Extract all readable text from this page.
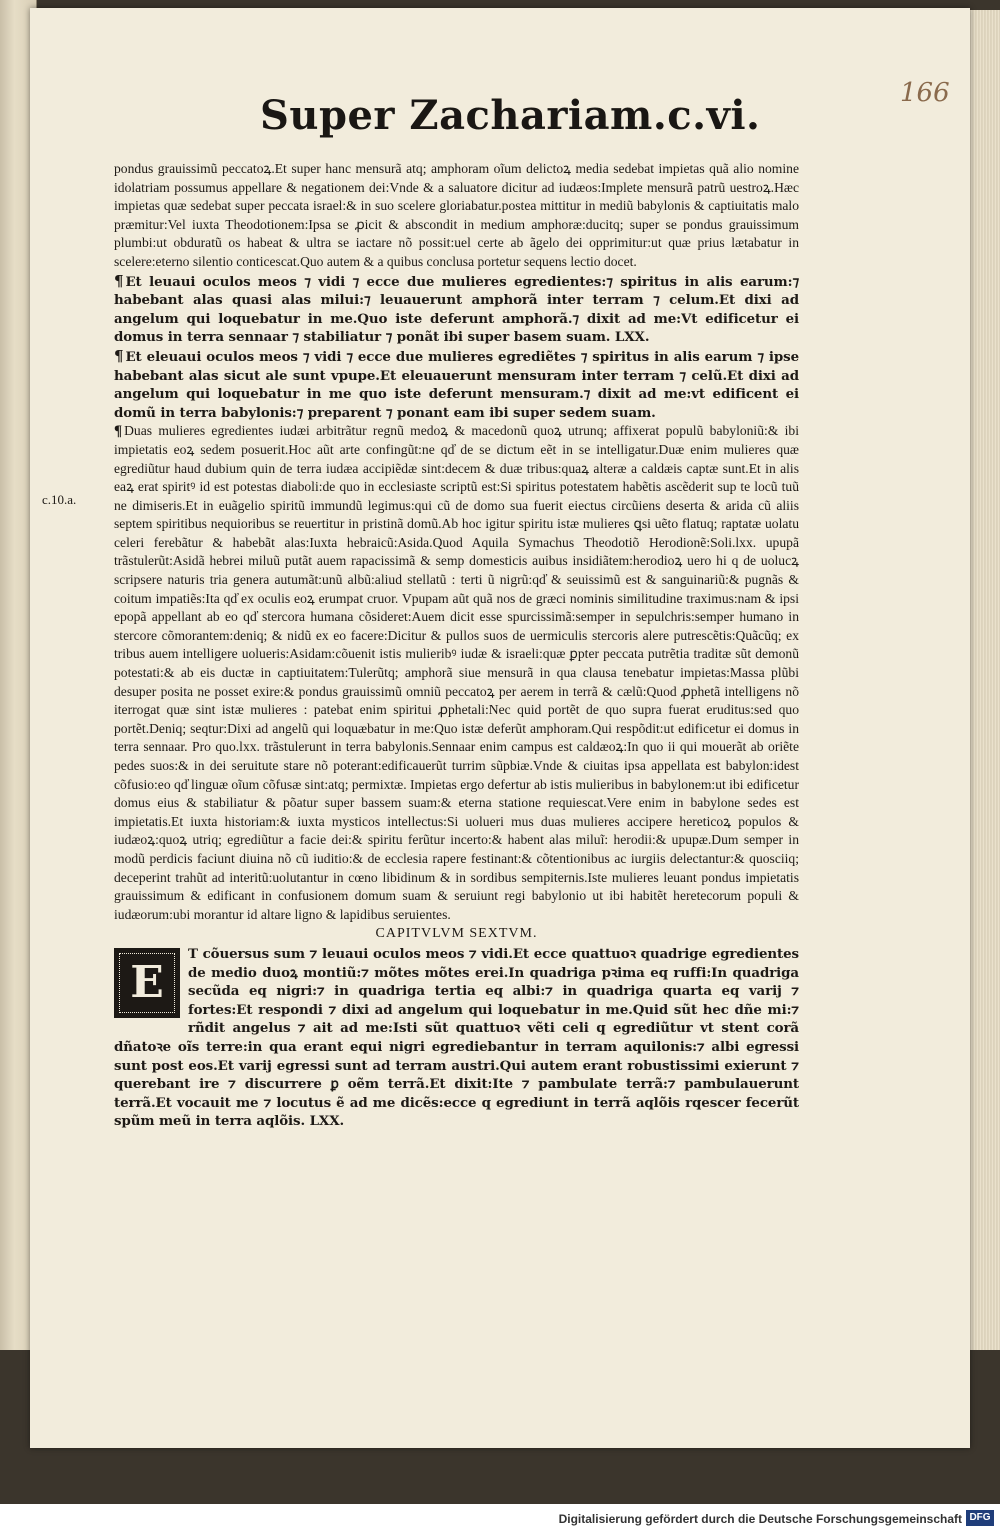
166
Super Zachariam.c.vi.

pondus grauissimũ peccatoꝝ.Et super hanc mensurã atq; amphoram oĩum delictoꝝ media sedebat impietas quã alio nomine idolatriam possumus appellare & negationem dei:Vnde & a saluatore dicitur ad iudæos:Implete mensurã patrũ uestroꝝ.Hæc impietas quæ sedebat super peccata israel:& in suo scelere gloriabatur.postea mittitur in mediũ babylonis & captiuitatis malo præmitur:Vel iuxta Theodotionem:Ipsa se ꝓicit & abscondit in medium amphoræ:ducitq; super se pondus grauissimum plumbi:ut obduratũ os habeat & ultra se iactare nõ possit:uel certe ab ãgelo dei opprimitur:ut quæ prius lætabatur in scelere:eterno silentio conticescat.Quo autem & a quibus conclusa portetur sequens lectio docet.

¶ Et leuaui oculos meos ⁊ vidi ⁊ ecce due mulieres egredientes:⁊ spiritus in alis earum:⁊ habebant alas quasi alas milui:⁊ leuauerunt amphorã inter terram ⁊ celum.Et dixi ad angelum qui loquebatur in me.Quo iste deferunt amphorã.⁊ dixit ad me:Vt edificetur ei domus in terra sennaar ⁊ stabiliatur ⁊ ponãt ibi super basem suam. LXX.

¶ Et eleuaui oculos meos ⁊ vidi ⁊ ecce due mulieres egrediẽtes ⁊ spiritus in alis earum ⁊ ipse habebant alas sicut ale sunt vpupe.Et eleuauerunt mensuram inter terram ⁊ celũ.Et dixi ad angelum qui loquebatur in me quo iste deferunt mensuram.⁊ dixit ad me:vt edificent ei domũ in terra babylonis:⁊ preparent ⁊ ponant eam ibi super sedem suam.

¶ Duas mulieres egredientes iudæi arbitrãtur regnũ medoꝝ & macedonũ quoꝝ utrunq; affixerat populũ babyloniũ:& ibi impietatis eoꝝ sedem posuerit.Hoc aũt arte confingũt:ne qd̕ de se dictum eẽt in se intelligatur.Duæ enim mulieres quæ egrediũtur haud dubium quin de terra iudæa accipiẽdæ sint:decem & duæ tribus:quaꝝ alteræ a caldæis captæ sunt.Et in alis eaꝝ erat spiritꝰ id est potestas diaboli:de quo in ecclesiaste scriptũ est:Si spiritus potestatem habẽtis ascẽderit sup te locũ tuũ ne dimiseris.Et in euãgelio spiritũ immundũ legimus:qui cũ de domo sua fuerit eiectus circũiens deserta & arida cũ aliis septem spiritibus nequioribus se reuertitur in pristinã domũ.Ab hoc igitur spiritu istæ mulieres ꝗsi uẽto flatuq; raptatæ uolatu celeri ferebãtur & habebãt alas:Iuxta hebraicũ:Asida.Quod Aquila Symachus Theodotiõ Herodionẽ:Soli.lxx. upupã trãstulerũt:Asidã hebrei miluũ putãt auem rapacissimã & semp domesticis auibus insidiãtem:herodioꝝ uero hi q de uolucꝝ scripsere naturis tria genera autumãt:unũ albũ:aliud stellatũ : terti ũ nigrũ:qd̕ & seuissimũ est & sanguinariũ:& pugnãs & coitum impatiẽs:Ita qd̕ ex oculis eoꝝ erumpat cruor. Vpupam aũt quã nos de græci nominis similitudine traximus:nam & ipsi epopã appellant ab eo qd̕ stercora humana cõsideret:Auem dicit esse spurcissimã:semper in sepulchris:semper humano in stercore cõmorantem:deniq; & nidũ ex eo facere:Dicitur & pullos suos de uermiculis stercoris alere putrescẽtis:Quãcũq; ex tribus auem intelligere uolueris:Asidam:cõuenit istis mulieribꝰ iudæ & israeli:quæ ꝑpter peccata putrẽtia traditæ sũt demonũ potestati:& ab eis ductæ in captiuitatem:Tulerũtq; amphorã siue mensurã in qua clausa tenebatur impietas:Massa plũbi desuper posita ne posset exire:& pondus grauissimũ omniũ peccatoꝝ per aerem in terrã & cælũ:Quod ꝓphetã intelligens nõ iterrogat quæ sint istæ mulieres : patebat enim spiritui ꝓphetali:Nec quid portẽt de quo supra fuerat eruditus:sed quo portẽt.Deniq; seqtur:Dixi ad angelũ qui loquæbatur in me:Quo istæ deferũt amphoram.Qui respõdit:ut edificetur ei domus in terra sennaar. Pro quo.lxx. trãstulerunt in terra babylonis.Sennaar enim campus est caldæoꝝ:In quo ii qui mouerãt ab oriẽte pedes suos:& in dei seruitute stare nõ poterant:edificauerũt turrim sũpbiæ.Vnde & ciuitas ipsa appellata est babylon:idest cõfusio:eo qd̕ linguæ oĩum cõfusæ sint:atq; permixtæ. Impietas ergo defertur ab istis mulieribus in babylonem:ut ibi edificetur domus eius & stabiliatur & põatur super bassem suam:& eterna statione requiescat.Vere enim in babylone sedes est impietatis.Et iuxta historiam:& iuxta mysticos intellectus:Si uolueri mus duas mulieres accipere hereticoꝝ populos & iudæoꝝ:quoꝝ utriq; egrediũtur a facie dei:& spiritu ferũtur incerto:& habent alas miluĩ: herodii:& upupæ.Dum semper in modũ perdicis faciunt diuina nõ cũ iuditio:& de ecclesia rapere festinant:& cõtentionibus ac iurgiis delectantur:& quosciiq; deceperint trahũt ad interitũ:uolutantur in cœno libidinum & in sordibus sempiternis.Iste mulieres leuant pondus impietatis grauissimum & edificant in confusionem domum suam & seruiunt regi babylonio ut ibi habitẽt heretecorum populi & iudæorum:ubi morantur id altare ligno & lapidibus seruientes.

CAPITVLVM SEXTVM.
E
T cõuersus sum ⁊ leuaui oculos meos ⁊ vidi.Et ecce quattuoꝛ quadrige egredientes de medio duoꝝ montiũ:⁊ mõtes mõtes erei.In quadriga pꝛima eq ruffi:In quadriga secũda eq nigri:⁊ in quadriga tertia eq albi:⁊ in quadriga quarta eq varij ⁊ fortes:Et respondi ⁊ dixi ad angelum qui loquebatur in me.Quid sũt hec dñe mi:⁊ rñdit angelus ⁊ ait ad me:Isti sũt quattuoꝛ vẽti celi q egrediũtur vt stent corã dñatoꝛe oĩs terre:in qua erant equi nigri egrediebantur in terram aquilonis:⁊ albi egressi sunt post eos.Et varij egressi sunt ad terram austri.Qui autem erant robustissimi exierunt ⁊ querebant ire ⁊ discurrere ꝑ oẽm terrã.Et dixit:Ite ⁊ pambulate terrã:⁊ pambulauerunt terrã.Et vocauit me ⁊ locutus ẽ ad me dicẽs:ecce q egrediunt in terrã aqlõis rqescer fecerũt spũm meũ in terra aqlõis. LXX.
c.10.a.
Digitalisierung gefördert durch die Deutsche Forschungsgemeinschaft DFG
